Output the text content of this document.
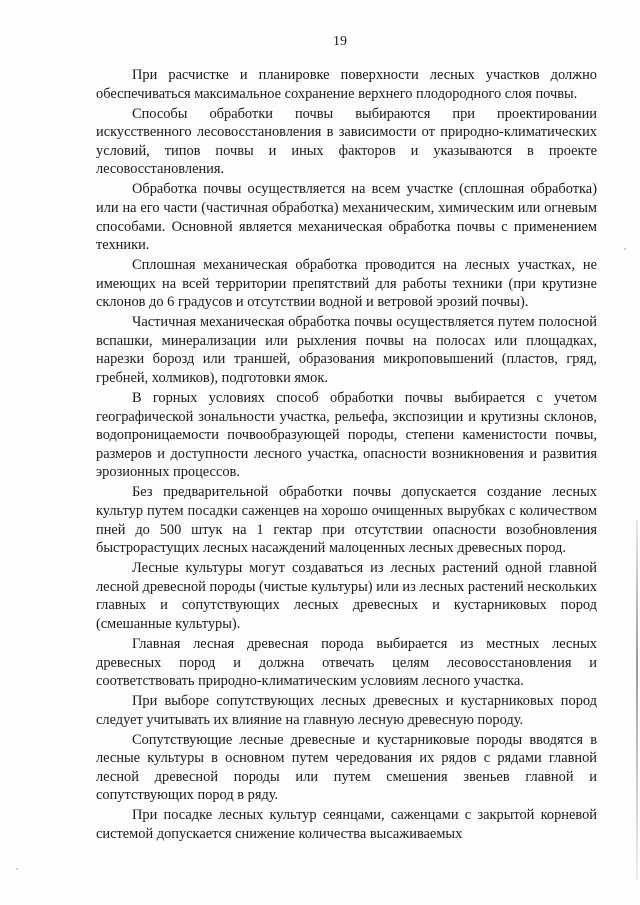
19

При расчистке и планировке поверхности лесных участков должно обеспечиваться максимальное сохранение верхнего плодородного слоя почвы.

Способы обработки почвы выбираются при проектировании искусственного лесовосстановления в зависимости от природно-климатических условий, типов почвы и иных факторов и указываются в проекте лесовосстановления.

Обработка почвы осуществляется на всем участке (сплошная обработка) или на его части (частичная обработка) механическим, химическим или огневым способами. Основной является механическая обработка почвы с применением техники.

Сплошная механическая обработка проводится на лесных участках, не имеющих на всей территории препятствий для работы техники (при крутизне склонов до 6 градусов и отсутствии водной и ветровой эрозий почвы).

Частичная механическая обработка почвы осуществляется путем полосной вспашки, минерализации или рыхления почвы на полосах или площадках, нарезки борозд или траншей, образования микроповышений (пластов, гряд, гребней, холмиков), подготовки ямок.

В горных условиях способ обработки почвы выбирается с учетом географической зональности участка, рельефа, экспозиции и крутизны склонов, водопроницаемости почвообразующей породы, степени каменистости почвы, размеров и доступности лесного участка, опасности возникновения и развития эрозионных процессов.

Без предварительной обработки почвы допускается создание лесных культур путем посадки саженцев на хорошо очищенных вырубках с количеством пней до 500 штук на 1 гектар при отсутствии опасности возобновления быстрорастущих лесных насаждений малоценных лесных древесных пород.

Лесные культуры могут создаваться из лесных растений одной главной лесной древесной породы (чистые культуры) или из лесных растений нескольких главных и сопутствующих лесных древесных и кустарниковых пород (смешанные культуры).

Главная лесная древесная порода выбирается из местных лесных древесных пород и должна отвечать целям лесовосстановления и соответствовать природно-климатическим условиям лесного участка.

При выборе сопутствующих лесных древесных и кустарниковых пород следует учитывать их влияние на главную лесную древесную породу.

Сопутствующие лесные древесные и кустарниковые породы вводятся в лесные культуры в основном путем чередования их рядов с рядами главной лесной древесной породы или путем смешения звеньев главной и сопутствующих пород в ряду.

При посадке лесных культур сеянцами, саженцами с закрытой корневой системой допускается снижение количества высаживаемых
